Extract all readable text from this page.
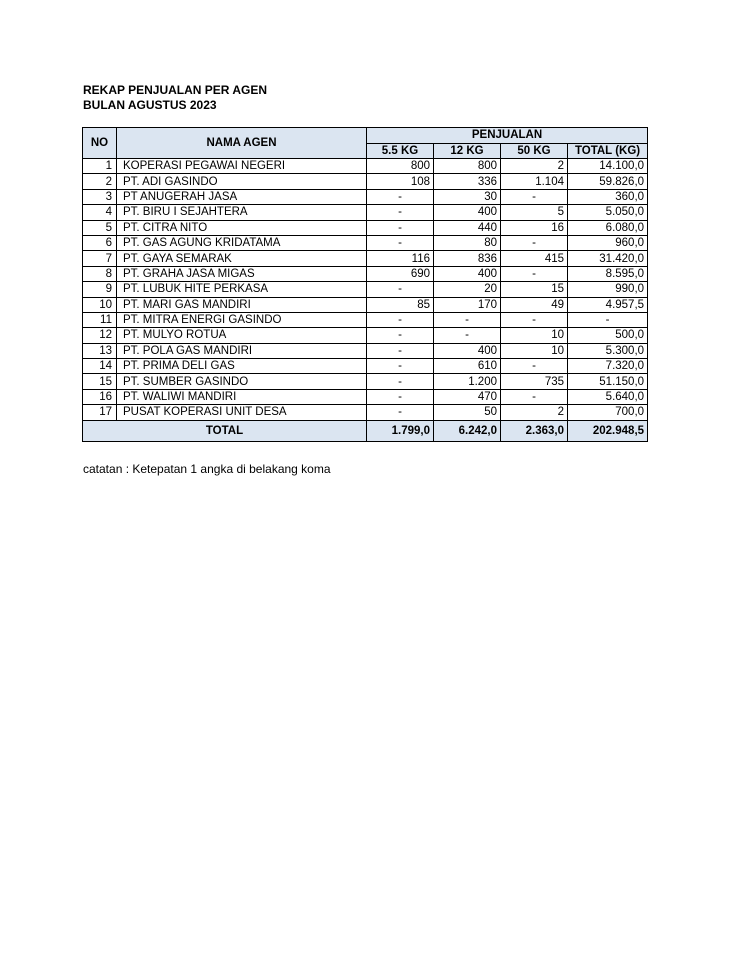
REKAP PENJUALAN PER AGEN
BULAN AGUSTUS 2023
NO	NAMA AGEN	PENJUALAN			
		5.5 KG	12 KG	50 KG	TOTAL (KG)
1	KOPERASI PEGAWAI NEGERI	800	800	2	14.100,0
2	PT. ADI GASINDO	108	336	1.104	59.826,0
3	PT ANUGERAH JASA	-	30	-	360,0
4	PT. BIRU I SEJAHTERA	-	400	5	5.050,0
5	PT. CITRA NITO	-	440	16	6.080,0
6	PT. GAS AGUNG KRIDATAMA	-	80	-	960,0
7	PT. GAYA SEMARAK	116	836	415	31.420,0
8	PT. GRAHA JASA MIGAS	690	400	-	8.595,0
9	PT. LUBUK HITE PERKASA	-	20	15	990,0
10	PT. MARI GAS MANDIRI	85	170	49	4.957,5
11	PT. MITRA ENERGI GASINDO	-	-	-	-
12	PT. MULYO ROTUA	-	-	10	500,0
13	PT. POLA GAS MANDIRI	-	400	10	5.300,0
14	PT. PRIMA DELI GAS	-	610	-	7.320,0
15	PT. SUMBER GASINDO	-	1.200	735	51.150,0
16	PT. WALIWI MANDIRI	-	470	-	5.640,0
17	PUSAT KOPERASI UNIT DESA	-	50	2	700,0
TOTAL		1.799,0	6.242,0	2.363,0	202.948,5
catatan : Ketepatan 1 angka di belakang koma
